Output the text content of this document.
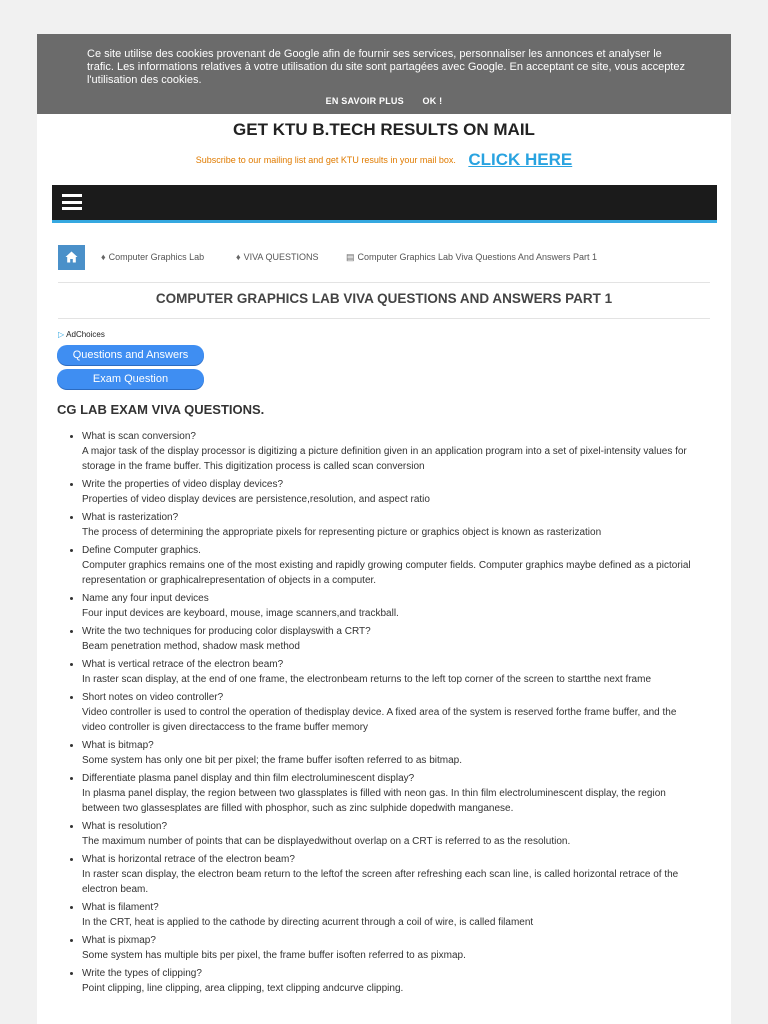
Ce site utilise des cookies provenant de Google afin de fournir ses services, personnaliser les annonces et analyser le trafic. Les informations relatives à votre utilisation du site sont partagées avec Google. En acceptant ce site, vous acceptez l'utilisation des cookies.
EN SAVOIR PLUS OK !
GET KTU B.TECH RESULTS ON MAIL
Subscribe to our mailing list and get KTU results in your mail box. CLICK HERE
♦ Computer Graphics Lab	♦ VIVA QUESTIONS	▤ Computer Graphics Lab Viva Questions And Answers Part 1
COMPUTER GRAPHICS LAB VIVA QUESTIONS AND ANSWERS PART 1
▷ AdChoices
Questions and Answers
Exam Question
CG LAB EXAM VIVA QUESTIONS.
• What is scan conversion?
A major task of the display processor is digitizing a picture definition given in an application program into a set of pixel-intensity values for storage in the frame buffer. This digitization process is called scan conversion
• Write the properties of video display devices?
Properties of video display devices are persistence,resolution, and aspect ratio
• What is rasterization?
The process of determining the appropriate pixels for representing picture or graphics object is known as rasterization
• Define Computer graphics.
Computer graphics remains one of the most existing and rapidly growing computer fields. Computer graphics maybe defined as a pictorial representation or graphicalrepresentation of objects in a computer.
• Name any four input devices
Four input devices are keyboard, mouse, image scanners,and trackball.
• Write the two techniques for producing color displayswith a CRT?
Beam penetration method, shadow mask method
• What is vertical retrace of the electron beam?
In raster scan display, at the end of one frame, the electronbeam returns to the left top corner of the screen to startthe next frame
• Short notes on video controller?
Video controller is used to control the operation of thedisplay device. A fixed area of the system is reserved forthe frame buffer, and the video controller is given directaccess to the frame buffer memory
• What is bitmap?
Some system has only one bit per pixel; the frame buffer isoften referred to as bitmap.
• Differentiate plasma panel display and thin film electroluminescent display?
In plasma panel display, the region between two glassplates is filled with neon gas. In thin film electroluminescent display, the region between two glassesplates are filled with phosphor, such as zinc sulphide dopedwith manganese.
• What is resolution?
The maximum number of points that can be displayedwithout overlap on a CRT is referred to as the resolution.
• What is horizontal retrace of the electron beam?
In raster scan display, the electron beam return to the leftof the screen after refreshing each scan line, is called horizontal retrace of the electron beam.
• What is filament?
In the CRT, heat is applied to the cathode by directing acurrent through a coil of wire, is called filament
• What is pixmap?
Some system has multiple bits per pixel, the frame buffer isoften referred to as pixmap.
• Write the types of clipping?
Point clipping, line clipping, area clipping, text clipping andcurve clipping.
